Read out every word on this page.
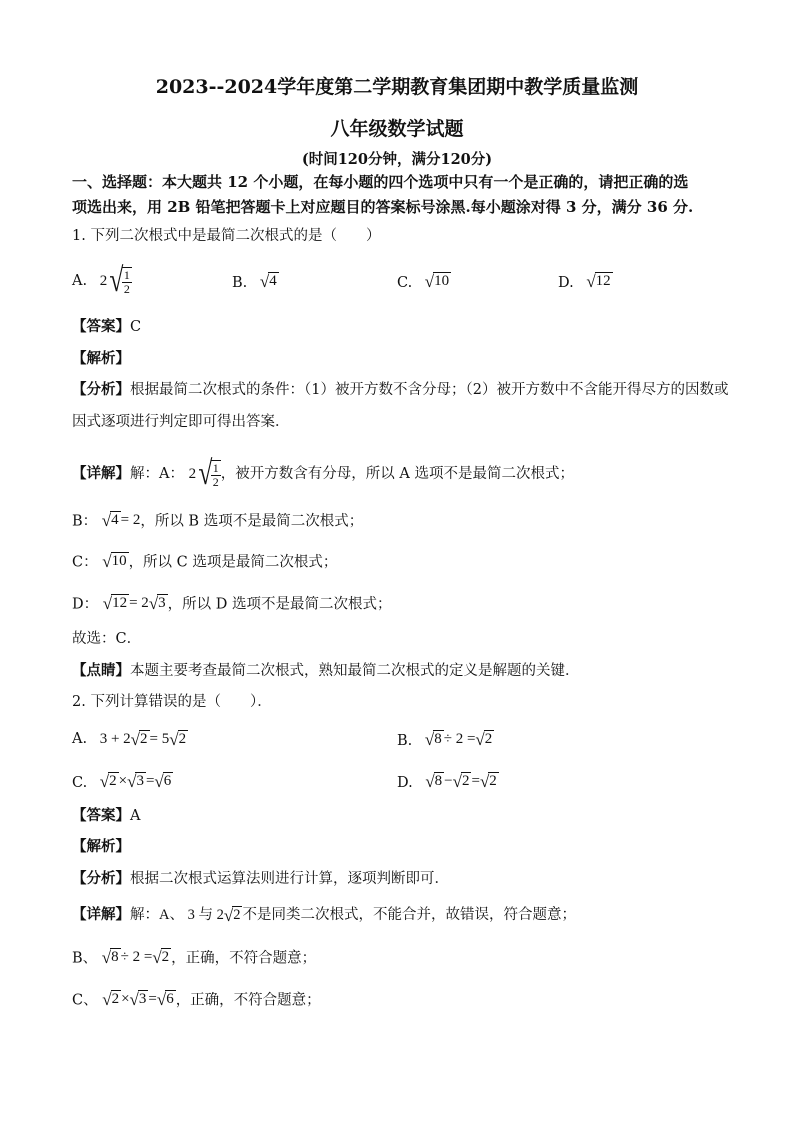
2023--2024学年度第二学期教育集团期中教学质量监测
八年级数学试题
(时间120分钟，满分120分)
一、选择题：本大题共 12 个小题，在每小题的四个选项中只有一个是正确的，请把正确的选
项选出来，用 2B 铅笔把答题卡上对应题目的答案标号涂黑.每小题涂对得 3 分，满分 36 分.
1. 下列二次根式中是最简二次根式的是（　　）
A. 2 √
$\frac{1}{2}$	B. √ 4	C. √ 10	D. √ 12
【答案】C
【解析】
【分析】根据最简二次根式的条件：（1）被开方数不含分母；（2）被开方数中不含能开得尽方的因数或
因式逐项进行判定即可得出答案．
【详解】解：A： 2 √
$\frac{1}{2}$ ，被开方数含有分母，所以 A 选项不是最简二次根式；
B： √ 4 = 2 ，所以 B 选项不是最简二次根式；
C： √ 10 ，所以 C 选项是最简二次根式；
D： √ 12 = 2 √ 3 ，所以 D 选项不是最简二次根式；
故选：C．
【点睛】本题主要考查最简二次根式，熟知最简二次根式的定义是解题的关键．
2. 下列计算错误的是（　　）．
A. 3 + 2 √ 2 = 5 √ 2	B. √ 8 ÷ 2 = √ 2
C. √ 2 × √ 3 = √ 6	D. √ 8 − √ 2 = √ 2
【答案】A
【解析】
【分析】根据二次根式运算法则进行计算，逐项判断即可．
【详解】 解：A、 3 与 2 √ 2 不是同类二次根式，不能合并，故错误，符合题意；
B、 √ 8 ÷ 2 = √ 2 ，正确，不符合题意；
C、 √ 2 × √ 3 = √ 6 ，正确，不符合题意；
